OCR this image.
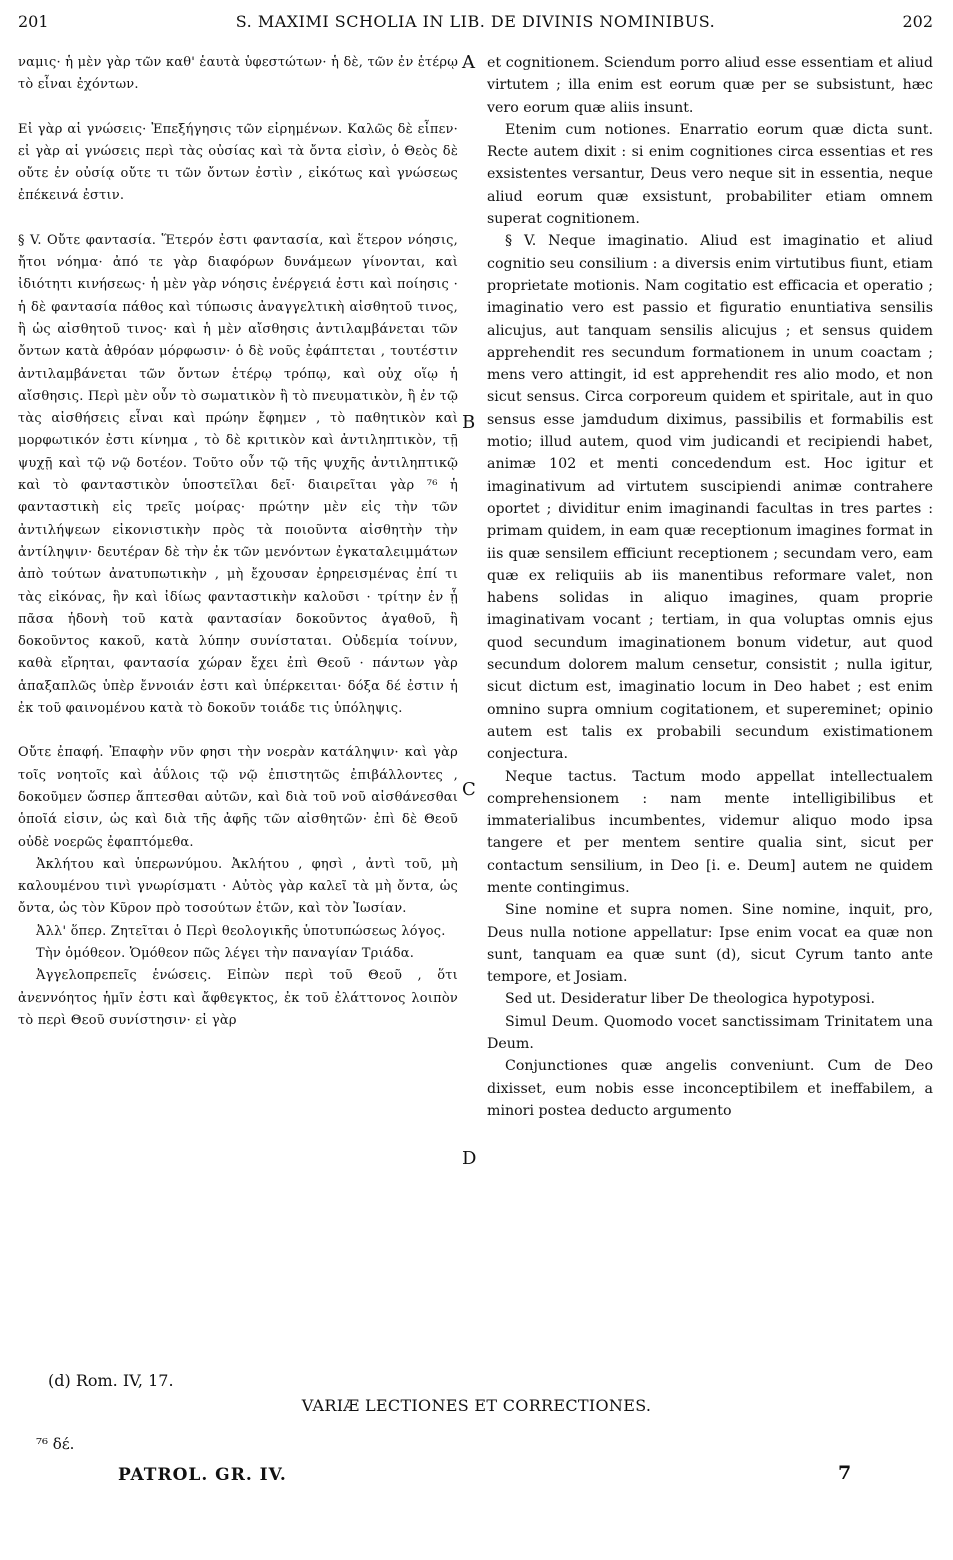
201	S. MAXIMI SCHOLIA IN LIB. DE DIVINIS NOMINIBUS.	202

ναμις· ἡ μὲν γὰρ τῶν καθ' ἑαυτὰ ὑφεστώτων· ἡ δὲ, τῶν ἐν ἑτέρῳ τὸ εἶναι ἐχόντων.

Εἰ γὰρ αἱ γνώσεις· Ἐπεξήγησις τῶν εἰρημένων. Καλῶς δὲ εἶπεν· εἰ γὰρ αἱ γνώσεις περὶ τὰς οὐσίας καὶ τὰ ὄντα εἰσὶν, ὁ Θεὸς δὲ οὔτε ἐν οὐσίᾳ οὔτε τι τῶν ὄντων ἐστὶν , εἰκότως καὶ γνώσεως ἐπέκεινά ἐστιν.

§ V. Οὔτε φαντασία. Ἕτερόν ἐστι φαντασία, καὶ ἕτερον νόησις, ἤτοι νόημα· ἀπό τε γὰρ διαφόρων δυνάμεων γίνονται, καὶ ἰδιότητι κινήσεως· ἡ μὲν γὰρ νόησις ἐνέργειά ἐστι καὶ ποίησις · ἡ δὲ φαντασία πάθος καὶ τύπωσις ἀναγγελτικὴ αἰσθητοῦ τινος, ἢ ὡς αἰσθητοῦ τινος· καὶ ἡ μὲν αἴσθησις ἀντιλαμβάνεται τῶν ὄντων κατὰ ἀθρόαν μόρφωσιν· ὁ δὲ νοῦς ἐφάπτεται , τουτέστιν ἀντιλαμβάνεται τῶν ὄντων ἑτέρῳ τρόπῳ, καὶ οὐχ οἵῳ ἡ αἴσθησις. Περὶ μὲν οὖν τὸ σωματικὸν ἢ τὸ πνευματικὸν, ἢ ἐν τῷ τὰς αἰσθήσεις εἶναι καὶ πρώην ἔφημεν , τὸ παθητικὸν καὶ μορφωτικόν ἐστι κίνημα , τὸ δὲ κριτικὸν καὶ ἀντιληπτικὸν, τῇ ψυχῇ καὶ τῷ νῷ δοτέον. Τοῦτο οὖν τῷ τῆς ψυχῆς ἀντιληπτικῷ καὶ τὸ φανταστικὸν ὑποστεῖλαι δεῖ· διαιρεῖται γὰρ ⁷⁶ ἡ φανταστικὴ εἰς τρεῖς μοίρας· πρώτην μὲν εἰς τὴν τῶν ἀντιλήψεων εἰκονιστικὴν πρὸς τὰ ποιοῦντα αἰσθητὴν τὴν ἀντίληψιν· δευτέραν δὲ τὴν ἐκ τῶν μενόντων ἐγκαταλειμμάτων ἀπὸ τούτων ἀνατυπωτικὴν , μὴ ἔχουσαν ἐρηρεισμένας ἐπί τι τὰς εἰκόνας, ἣν καὶ ἰδίως φανταστικὴν καλοῦσι · τρίτην ἐν ᾗ πᾶσα ἡδονὴ τοῦ κατὰ φαντασίαν δοκοῦντος ἀγαθοῦ, ἢ δοκοῦντος κακοῦ, κατὰ λύπην συνίσταται. Οὐδεμία τοίνυν, καθὰ εἴρηται, φαντασία χώραν ἔχει ἐπὶ Θεοῦ · πάντων γὰρ ἁπαξαπλῶς ὑπὲρ ἔννοιάν ἐστι καὶ ὑπέρκειται· δόξα δέ ἐστιν ἡ ἐκ τοῦ φαινομένου κατὰ τὸ δοκοῦν τοιάδε τις ὑπόληψις.

Οὔτε ἐπαφή. Ἐπαφὴν νῦν φησι τὴν νοερὰν κατάληψιν· καὶ γὰρ τοῖς νοητοῖς καὶ ἀΰλοις τῷ νῷ ἐπιστητῶς ἐπιβάλλοντες , δοκοῦμεν ὥσπερ ἅπτεσθαι αὐτῶν, καὶ διὰ τοῦ νοῦ αἰσθάνεσθαι ὁποῖά εἰσιν, ὡς καὶ διὰ τῆς ἀφῆς τῶν αἰσθητῶν· ἐπὶ δὲ Θεοῦ οὐδὲ νοερῶς ἐφαπτόμεθα.

Ἀκλήτου καὶ ὑπερωνύμου. Ἀκλήτου , φησὶ , ἀντὶ τοῦ, μὴ καλουμένου τινὶ γνωρίσματι · Αὐτὸς γὰρ καλεῖ τὰ μὴ ὄντα, ὡς ὄντα, ὡς τὸν Κῦρον πρὸ τοσούτων ἐτῶν, καὶ τὸν Ἰωσίαν.

Ἀλλ' ὅπερ. Ζητεῖται ὁ Περὶ θεολογικῆς ὑποτυπώσεως λόγος.

Τὴν ὁμόθεον. Ὁμόθεον πῶς λέγει τὴν παναγίαν Τριάδα.

Ἀγγελοπρεπεῖς ἑνώσεις. Εἰπὼν περὶ τοῦ Θεοῦ , ὅτι ἀνεννόητος ἡμῖν ἐστι καὶ ἄφθεγκτος, ἐκ τοῦ ἐλάττονος λοιπὸν τὸ περὶ Θεοῦ συνίστησιν· εἰ γὰρ

A
B
C
D

et cognitionem. Sciendum porro aliud esse essentiam et aliud virtutem ; illa enim est eorum quæ per se subsistunt, hæc vero eorum quæ aliis insunt.

Etenim cum notiones. Enarratio eorum quæ dicta sunt. Recte autem dixit : si enim cognitiones circa essentias et res exsistentes versantur, Deus vero neque sit in essentia, neque aliud eorum quæ exsistunt, probabiliter etiam omnem superat cognitionem.

§ V. Neque imaginatio. Aliud est imaginatio et aliud cognitio seu consilium : a diversis enim virtutibus fiunt, etiam proprietate motionis. Nam cogitatio est efficacia et operatio ; imaginatio vero est passio et figuratio enuntiativa sensilis alicujus, aut tanquam sensilis alicujus ; et sensus quidem apprehendit res secundum formationem in unum coactam ; mens vero attingit, id est apprehendit res alio modo, et non sicut sensus. Circa corporeum quidem et spiritale, aut in quo sensus esse jamdudum diximus, passibilis et formabilis est motio; illud autem, quod vim judicandi et recipiendi habet, animæ 102 et menti concedendum est. Hoc igitur et imaginativum ad virtutem suscipiendi animæ contrahere oportet ; dividitur enim imaginandi facultas in tres partes : primam quidem, in eam quæ receptionum imagines format in iis quæ sensilem efficiunt receptionem ; secundam vero, eam quæ ex reliquiis ab iis manentibus reformare valet, non habens solidas in aliquo imagines, quam proprie imaginativam vocant ; tertiam, in qua voluptas omnis ejus quod secundum imaginationem bonum videtur, aut quod secundum dolorem malum censetur, consistit ; nulla igitur, sicut dictum est, imaginatio locum in Deo habet ; est enim omnino supra omnium cogitationem, et supereminet; opinio autem est talis ex probabili secundum existimationem conjectura.

Neque tactus. Tactum modo appellat intellectualem comprehensionem : nam mente intelligibilibus et immaterialibus incumbentes, videmur aliquo modo ipsa tangere et per mentem sentire qualia sint, sicut per contactum sensilium, in Deo [i. e. Deum] autem ne quidem mente contingimus.

Sine nomine et supra nomen. Sine nomine, inquit, pro, Deus nulla notione appellatur: Ipse enim vocat ea quæ non sunt, tanquam ea quæ sunt (d), sicut Cyrum tanto ante tempore, et Josiam.

Sed ut. Desideratur liber De theologica hypotyposi.

Simul Deum. Quomodo vocet sanctissimam Trinitatem una Deum.

Conjunctiones quæ angelis conveniunt. Cum de Deo dixisset, eum nobis esse inconceptibilem et ineffabilem, a minori postea deducto argumento

(d) Rom. IV, 17.
VARIÆ LECTIONES ET CORRECTIONES.
⁷⁶ δέ.
PATROL. GR. IV.	7
